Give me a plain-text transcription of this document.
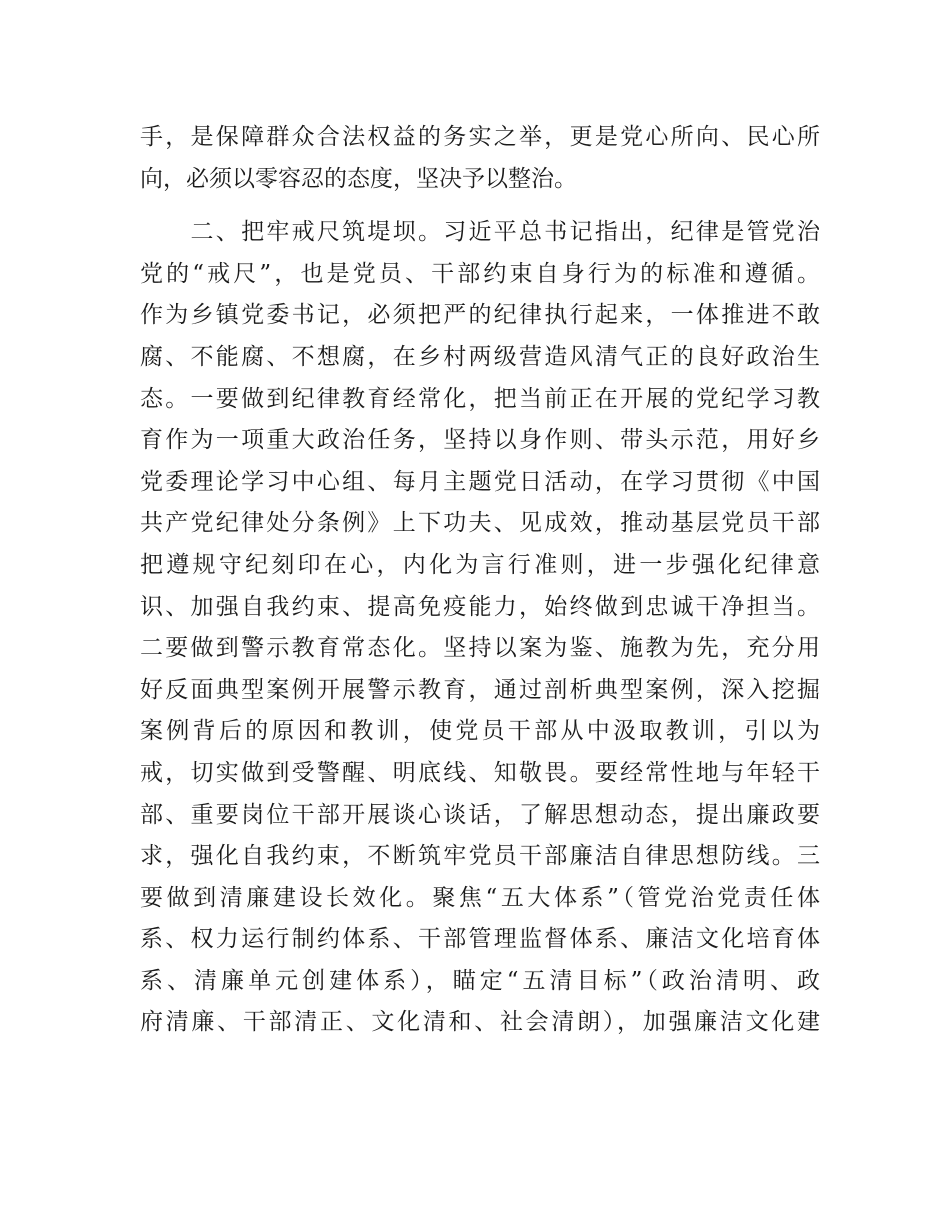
手，是保障群众合法权益的务实之举，更是党心所向、民心所
向，必须以零容忍的态度，坚决予以整治。
　　二、把牢戒尺筑堤坝。习近平总书记指出，纪律是管党治
党的“戒尺”，也是党员、干部约束自身行为的标准和遵循。
作为乡镇党委书记，必须把严的纪律执行起来，一体推进不敢
腐、不能腐、不想腐，在乡村两级营造风清气正的良好政治生
态。一要做到纪律教育经常化，把当前正在开展的党纪学习教
育作为一项重大政治任务，坚持以身作则、带头示范，用好乡
党委理论学习中心组、每月主题党日活动，在学习贯彻《中国
共产党纪律处分条例》上下功夫、见成效，推动基层党员干部
把遵规守纪刻印在心，内化为言行准则，进一步强化纪律意
识、加强自我约束、提高免疫能力，始终做到忠诚干净担当。
二要做到警示教育常态化。坚持以案为鉴、施教为先，充分用
好反面典型案例开展警示教育，通过剖析典型案例，深入挖掘
案例背后的原因和教训，使党员干部从中汲取教训，引以为
戒，切实做到受警醒、明底线、知敬畏。要经常性地与年轻干
部、重要岗位干部开展谈心谈话，了解思想动态，提出廉政要
求，强化自我约束，不断筑牢党员干部廉洁自律思想防线。三
要做到清廉建设长效化。聚焦“五大体系”（管党治党责任体
系、权力运行制约体系、干部管理监督体系、廉洁文化培育体
系、清廉单元创建体系），瞄定“五清目标”（政治清明、政
府清廉、干部清正、文化清和、社会清朗），加强廉洁文化建
